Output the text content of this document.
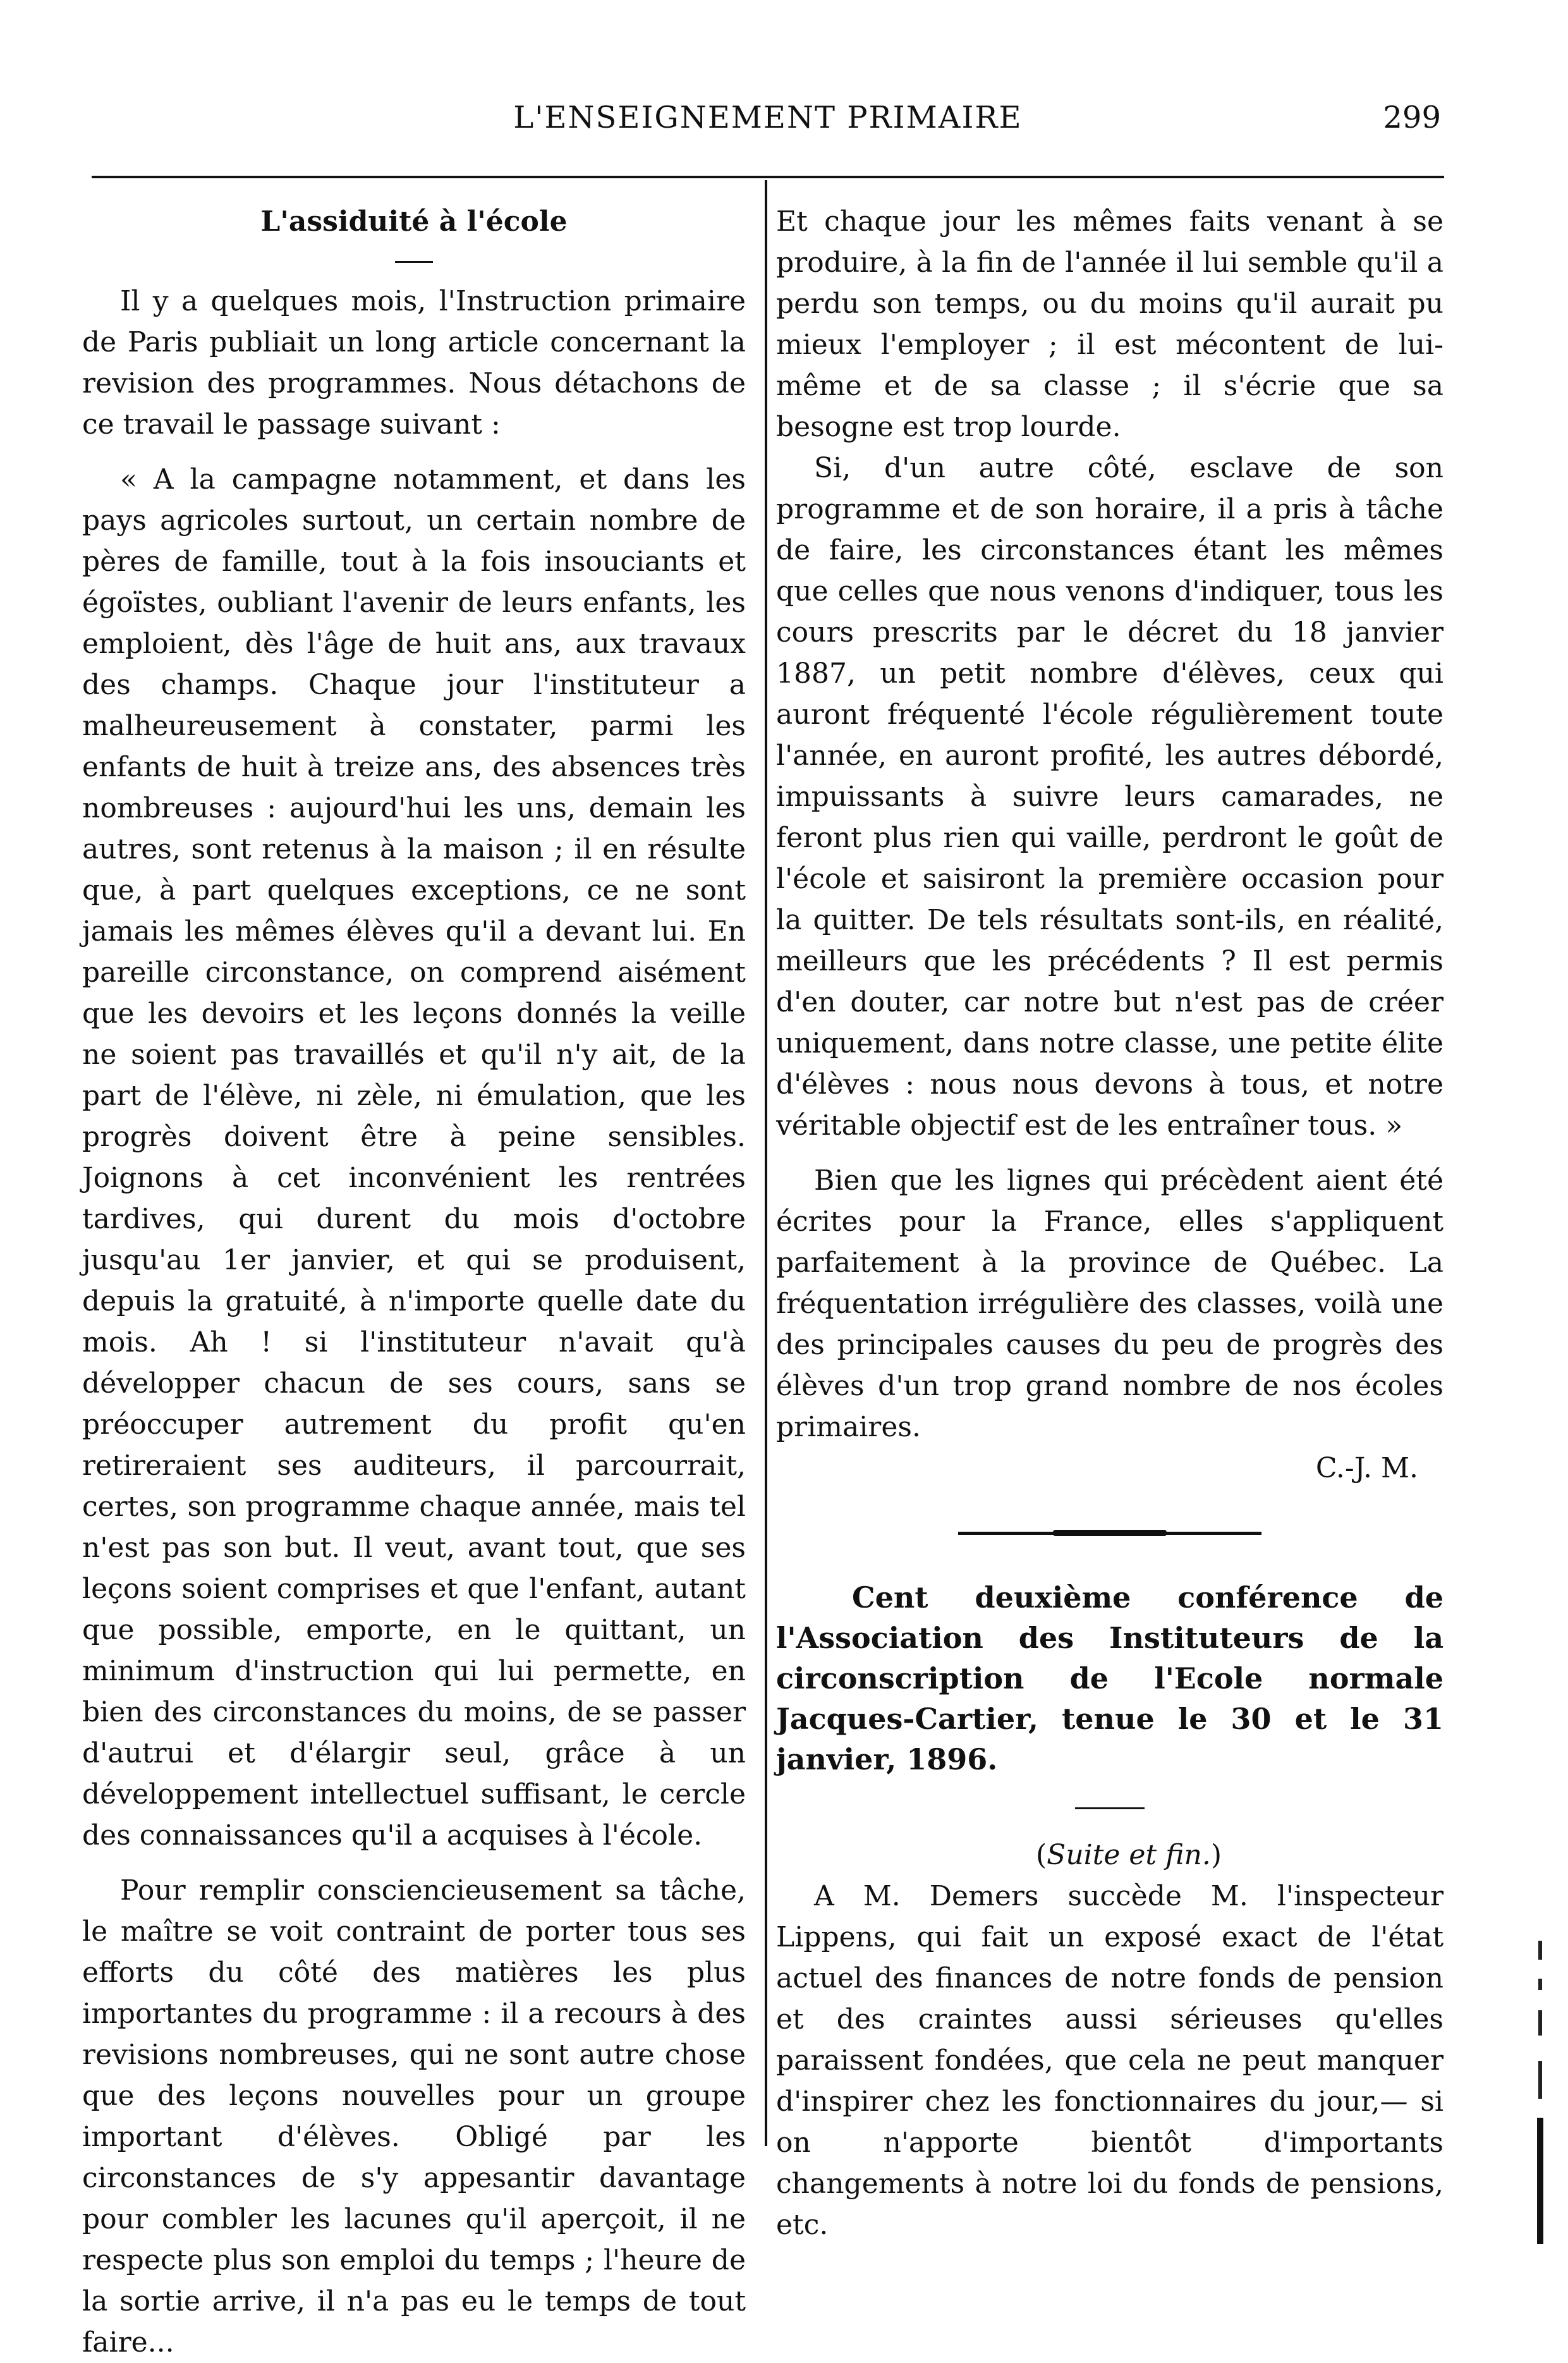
L'ENSEIGNEMENT PRIMAIRE	299
L'assiduité à l'école

Il y a quelques mois, l'Instruction primaire de Paris publiait un long article concernant la revision des programmes. Nous détachons de ce travail le passage suivant :

« A la campagne notamment, et dans les pays agricoles surtout, un certain nombre de pères de famille, tout à la fois insouciants et égoïstes, oubliant l'avenir de leurs enfants, les emploient, dès l'âge de huit ans, aux travaux des champs. Chaque jour l'instituteur a malheureusement à constater, parmi les enfants de huit à treize ans, des absences très nombreuses : aujourd'hui les uns, demain les autres, sont retenus à la maison ; il en résulte que, à part quelques exceptions, ce ne sont jamais les mêmes élèves qu'il a devant lui. En pareille circonstance, on comprend aisément que les devoirs et les leçons donnés la veille ne soient pas travaillés et qu'il n'y ait, de la part de l'élève, ni zèle, ni émulation, que les progrès doivent être à peine sensibles. Joignons à cet inconvénient les rentrées tardives, qui durent du mois d'octobre jusqu'au 1er janvier, et qui se produisent, depuis la gratuité, à n'importe quelle date du mois. Ah ! si l'instituteur n'avait qu'à développer chacun de ses cours, sans se préoccuper autrement du profit qu'en retireraient ses auditeurs, il parcourrait, certes, son programme chaque année, mais tel n'est pas son but. Il veut, avant tout, que ses leçons soient comprises et que l'enfant, autant que possible, emporte, en le quittant, un minimum d'instruction qui lui permette, en bien des circonstances du moins, de se passer d'autrui et d'élargir seul, grâce à un développement intellectuel suffisant, le cercle des connaissances qu'il a acquises à l'école.

Pour remplir consciencieusement sa tâche, le maître se voit contraint de porter tous ses efforts du côté des matières les plus importantes du programme : il a recours à des revisions nombreuses, qui ne sont autre chose que des leçons nouvelles pour un groupe important d'élèves. Obligé par les circonstances de s'y appesantir davantage pour combler les lacunes qu'il aperçoit, il ne respecte plus son emploi du temps ; l'heure de la sortie arrive, il n'a pas eu le temps de tout faire...

Et chaque jour les mêmes faits venant à se produire, à la fin de l'année il lui semble qu'il a perdu son temps, ou du moins qu'il aurait pu mieux l'employer ; il est mécontent de lui-même et de sa classe ; il s'écrie que sa besogne est trop lourde.

Si, d'un autre côté, esclave de son programme et de son horaire, il a pris à tâche de faire, les circonstances étant les mêmes que celles que nous venons d'indiquer, tous les cours prescrits par le décret du 18 janvier 1887, un petit nombre d'élèves, ceux qui auront fréquenté l'école régulièrement toute l'année, en auront profité, les autres débordé, impuissants à suivre leurs camarades, ne feront plus rien qui vaille, perdront le goût de l'école et saisiront la première occasion pour la quitter. De tels résultats sont-ils, en réalité, meilleurs que les précédents ? Il est permis d'en douter, car notre but n'est pas de créer uniquement, dans notre classe, une petite élite d'élèves : nous nous devons à tous, et notre véritable objectif est de les entraîner tous. »

Bien que les lignes qui précèdent aient été écrites pour la France, elles s'appliquent parfaitement à la province de Québec. La fréquentation irrégulière des classes, voilà une des principales causes du peu de progrès des élèves d'un trop grand nombre de nos écoles primaires.

C.-J. M.

Cent deuxième conférence de l'Association des Instituteurs de la circonscription de l'Ecole normale Jacques-Cartier, tenue le 30 et le 31 janvier, 1896.

(Suite et fin.)

A M. Demers succède M. l'inspecteur Lippens, qui fait un exposé exact de l'état actuel des finances de notre fonds de pension et des craintes aussi sérieuses qu'elles paraissent fondées, que cela ne peut manquer d'inspirer chez les fonctionnaires du jour,— si on n'apporte bientôt d'importants changements à notre loi du fonds de pensions, etc.
